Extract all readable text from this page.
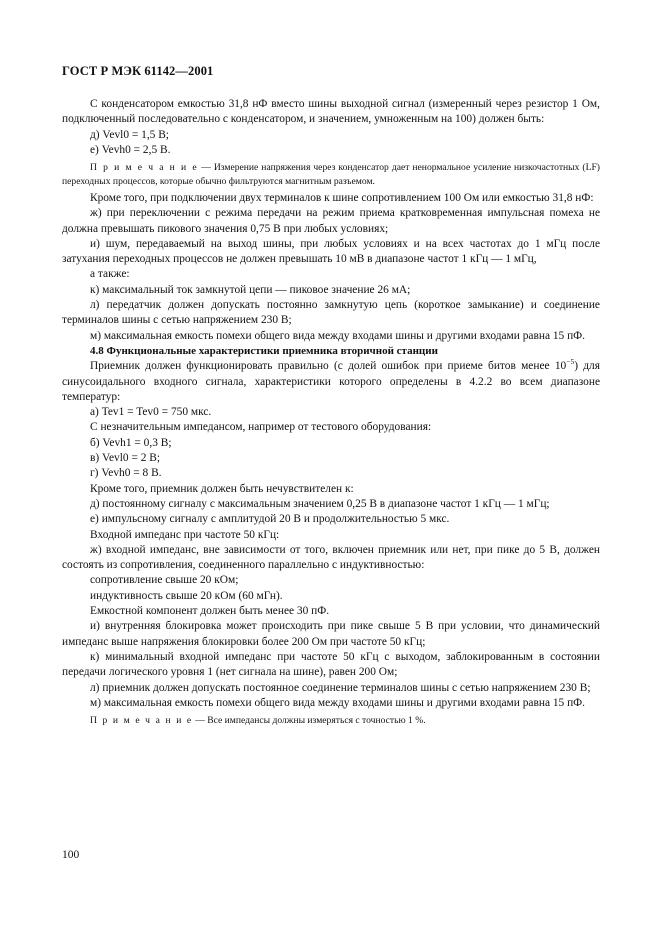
ГОСТ Р МЭК 61142—2001

С конденсатором емкостью 31,8 нФ вместо шины выходной сигнал (измеренный через резистор 1 Ом, подключенный последовательно с конденсатором, и значением, умноженным на 100) должен быть:

д) Vevl0 = 1,5 В;

е) Vevh0 = 2,5 В.

П р и м е ч а н и е — Измерение напряжения через конденсатор дает ненормальное усиление низкочастотных (LF) переходных процессов, которые обычно фильтруются магнитным разъемом.

Кроме того, при подключении двух терминалов к шине сопротивлением 100 Ом или емкостью 31,8 нФ:

ж) при переключении с режима передачи на режим приема кратковременная импульсная помеха не должна превышать пикового значения 0,75 В при любых условиях;

и) шум, передаваемый на выход шины, при любых условиях и на всех частотах до 1 мГц после затухания переходных процессов не должен превышать 10 мВ в диапазоне частот 1 кГц — 1 мГц,

а также:

к) максимальный ток замкнутой цепи — пиковое значение 26 мА;

л) передатчик должен допускать постоянно замкнутую цепь (короткое замыкание) и соединение терминалов шины с сетью напряжением 230 В;

м) максимальная емкость помехи общего вида между входами шины и другими входами равна 15 пФ.

4.8 Функциональные характеристики приемника вторичной станции

Приемник должен функционировать правильно (с долей ошибок при приеме битов менее $10^{-5}$) для синусоидального входного сигнала, характеристики которого определены в 4.2.2 во всем диапазоне температур:

а) Tev1 = Tev0 = 750 мкс.

С незначительным импедансом, например от тестового оборудования:

б) Vevh1 = 0,3 В;

в) Vevl0 = 2 В;

г) Vevh0 = 8 В.

Кроме того, приемник должен быть нечувствителен к:

д) постоянному сигналу с максимальным значением 0,25 В в диапазоне частот 1 кГц — 1 мГц;

е) импульсному сигналу с амплитудой 20 В и продолжительностью 5 мкс.

Входной импеданс при частоте 50 кГц:

ж) входной импеданс, вне зависимости от того, включен приемник или нет, при пике до 5 В, должен состоять из сопротивления, соединенного параллельно с индуктивностью:

сопротивление свыше 20 кОм;

индуктивность свыше 20 кОм (60 мГн).

Емкостной компонент должен быть менее 30 пФ.

и) внутренняя блокировка может происходить при пике свыше 5 В при условии, что динамический импеданс выше напряжения блокировки более 200 Ом при частоте 50 кГц;

к) минимальный входной импеданс при частоте 50 кГц с выходом, заблокированным в состоянии передачи логического уровня 1 (нет сигнала на шине), равен 200 Ом;

л) приемник должен допускать постоянное соединение терминалов шины с сетью напряжением 230 В;

м) максимальная емкость помехи общего вида между входами шины и другими входами равна 15 пФ.

П р и м е ч а н и е — Все импедансы должны измеряться с точностью 1 %.

100
